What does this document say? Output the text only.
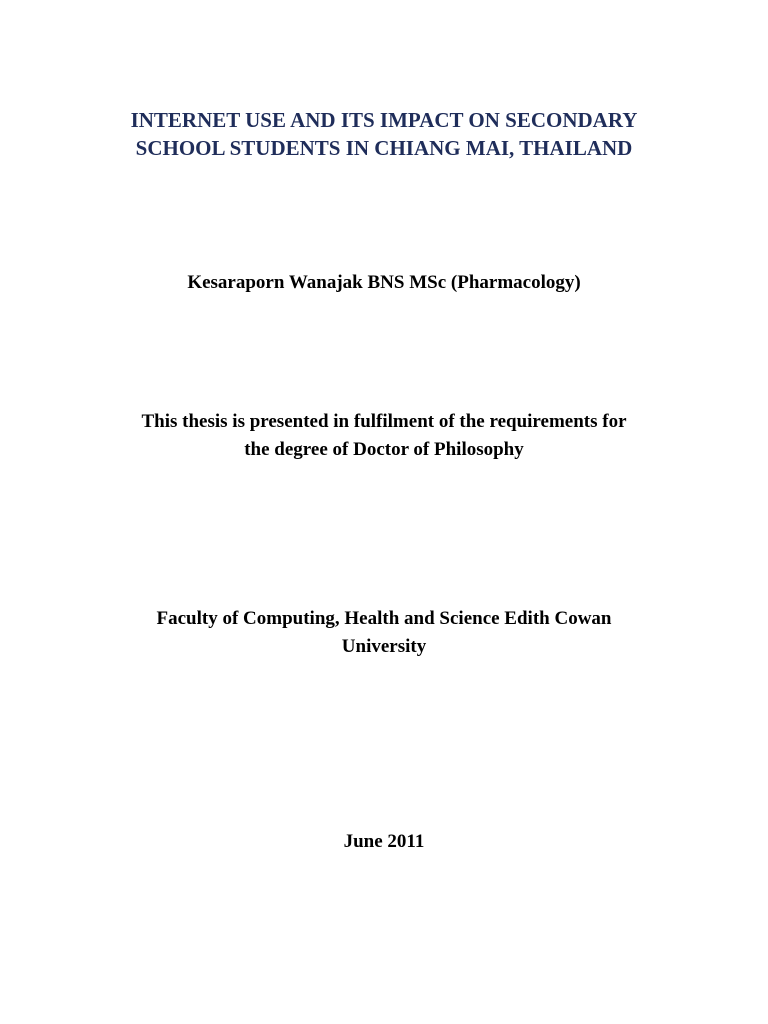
INTERNET USE AND ITS IMPACT ON SECONDARY
SCHOOL STUDENTS IN CHIANG MAI, THAILAND
Kesaraporn Wanajak BNS MSc (Pharmacology)
This thesis is presented in fulfilment of the requirements for
the degree of Doctor of Philosophy
Faculty of Computing, Health and Science Edith Cowan
University
June 2011
